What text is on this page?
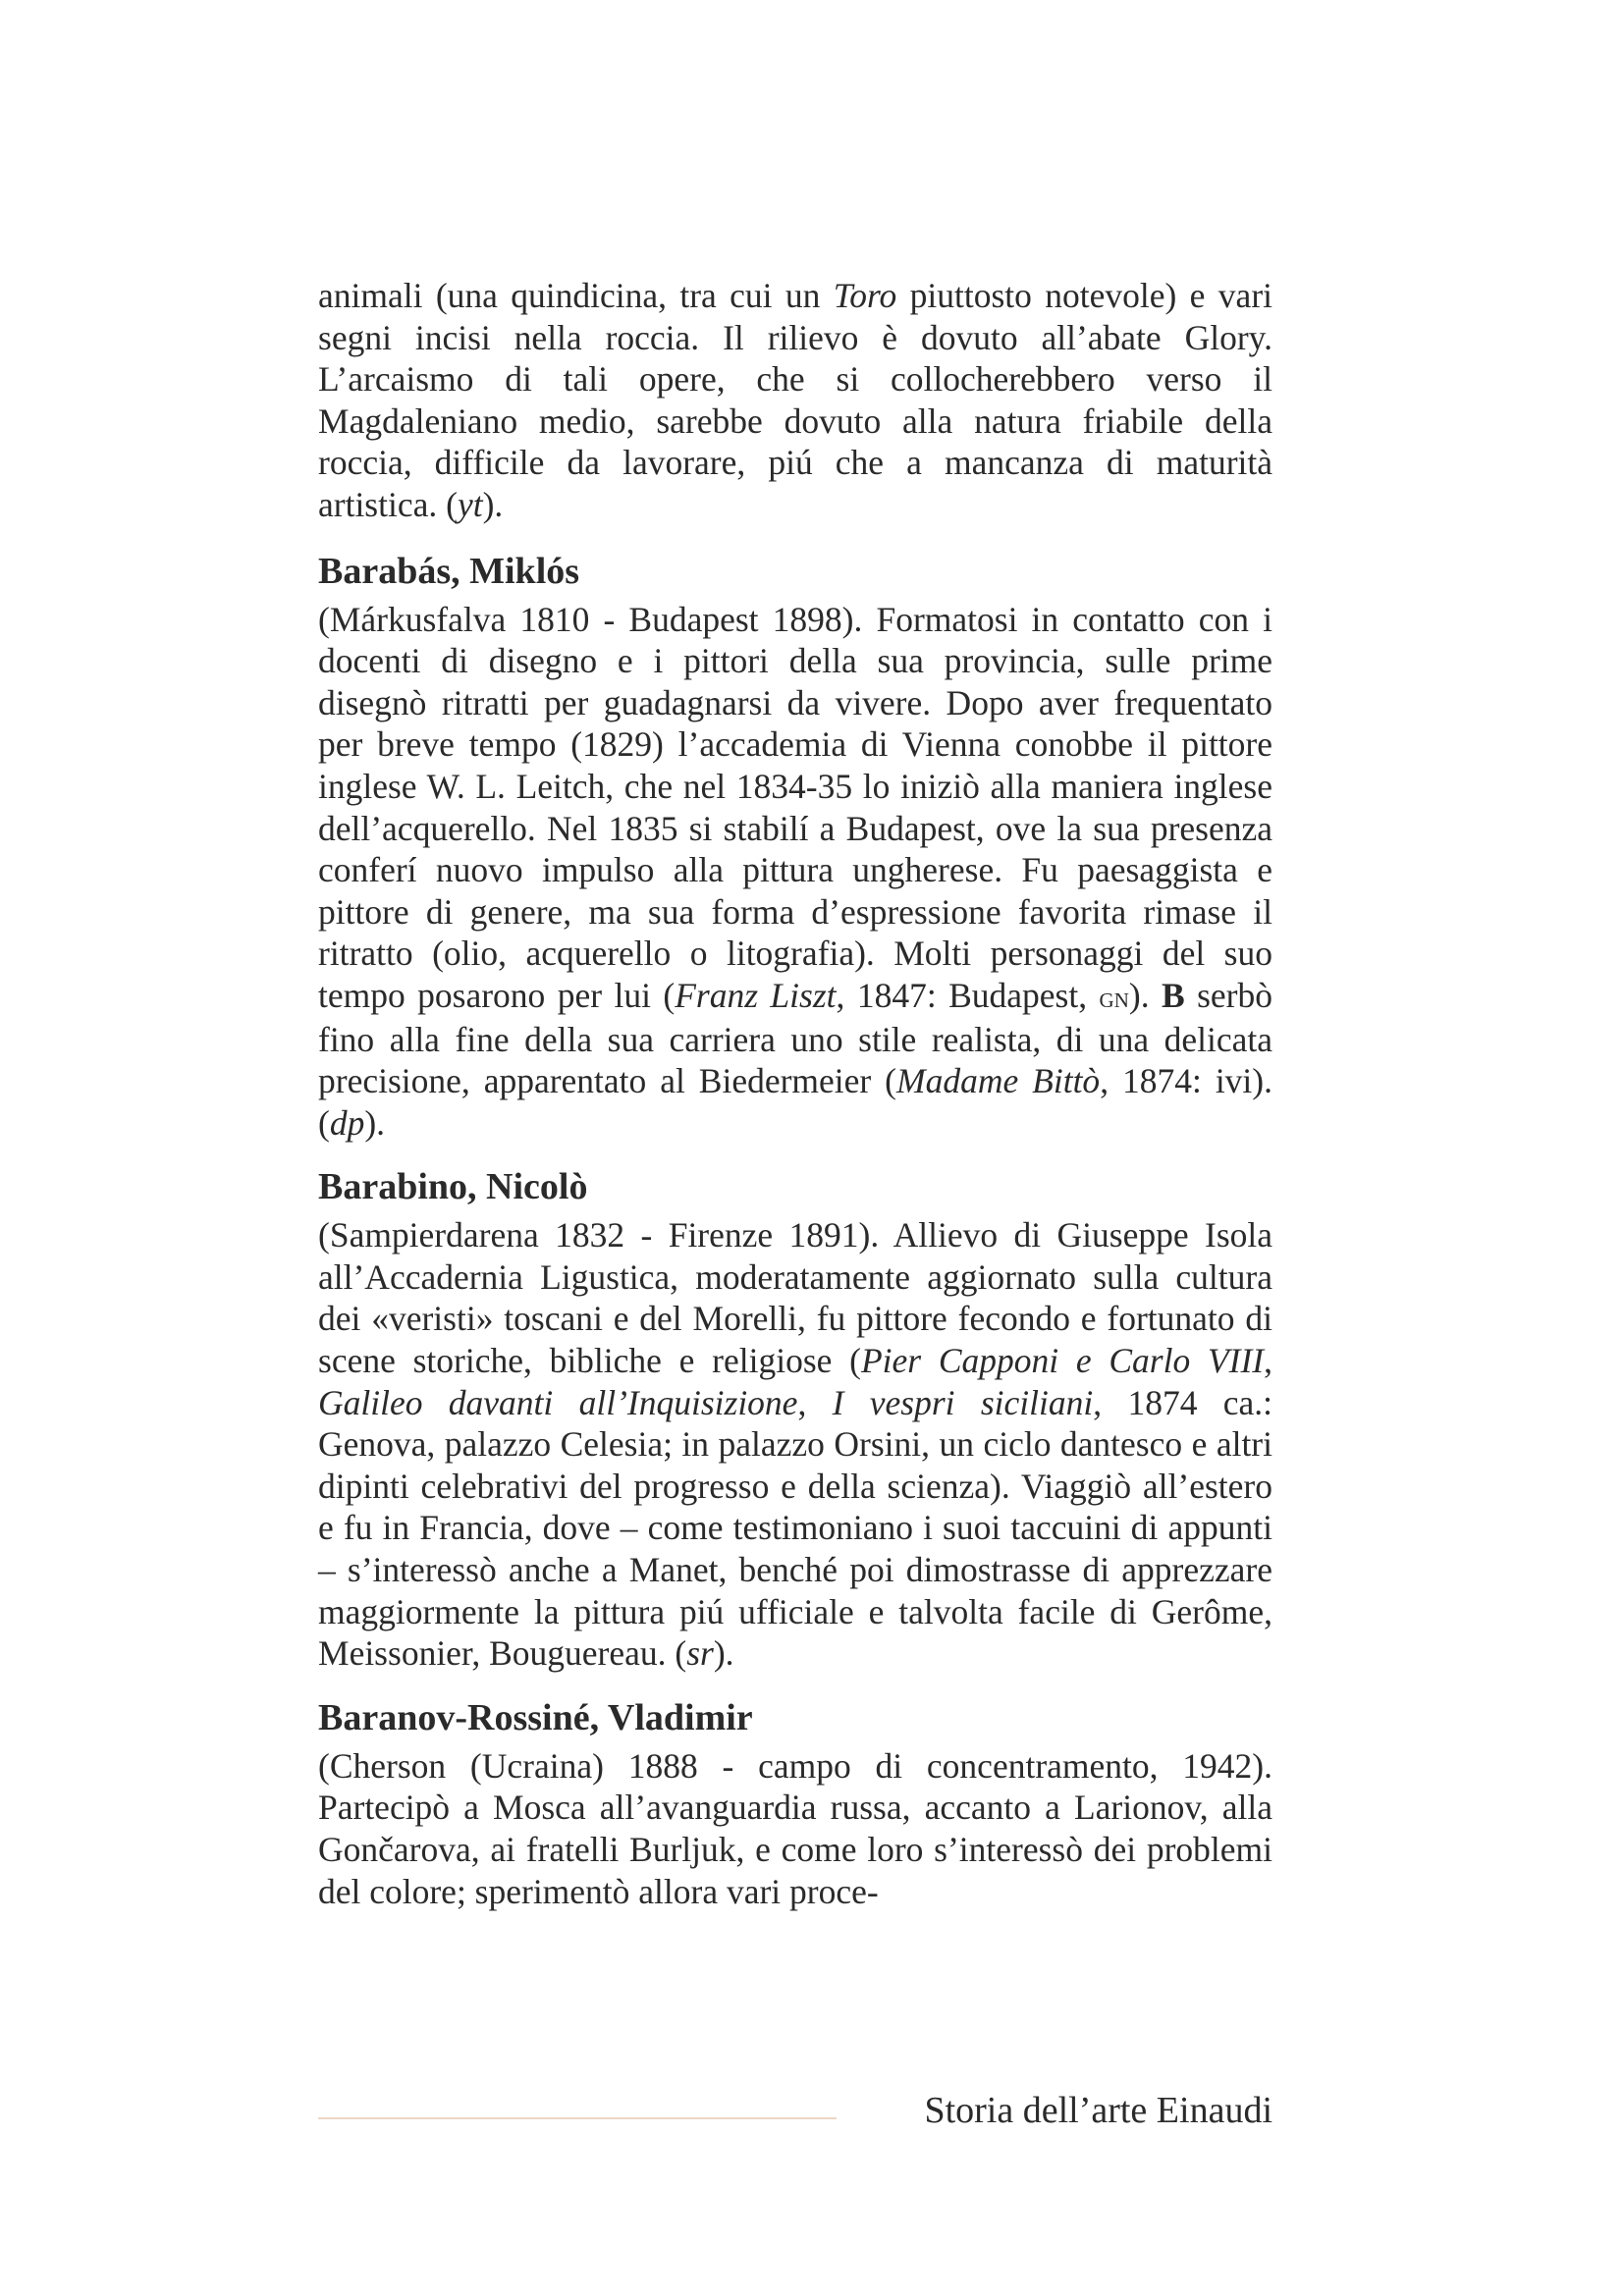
animali (una quindicina, tra cui un Toro piuttosto notevole) e vari segni incisi nella roccia. Il rilievo è dovuto all’abate Glory. L’arcaismo di tali opere, che si collocherebbero verso il Magdaleniano medio, sarebbe dovuto alla natura friabile della roccia, difficile da lavorare, piú che a mancanza di maturità artistica. (yt).

Barabás, Miklós

(Márkusfalva 1810 - Budapest 1898). Formatosi in contatto con i docenti di disegno e i pittori della sua provincia, sulle prime disegnò ritratti per guadagnarsi da vivere. Dopo aver frequentato per breve tempo (1829) l’accademia di Vienna conobbe il pittore inglese W. L. Leitch, che nel 1834-35 lo iniziò alla maniera inglese dell’acquerello. Nel 1835 si stabilí a Budapest, ove la sua presenza conferí nuovo impulso alla pittura ungherese. Fu paesaggista e pittore di genere, ma sua forma d’espressione favorita rimase il ritratto (olio, acquerello o litografia). Molti personaggi del suo tempo posarono per lui (Franz Liszt, 1847: Budapest, gn). B serbò fino alla fine della sua carriera uno stile realista, di una delicata precisione, apparentato al Biedermeier (Madame Bittò, 1874: ivi). (dp).

Barabino, Nicolò

(Sampierdarena 1832 - Firenze 1891). Allievo di Giuseppe Isola all’Accadernia Ligustica, moderatamente aggiornato sulla cultura dei «veristi» toscani e del Morelli, fu pittore fecondo e fortunato di scene storiche, bibliche e religiose (Pier Capponi e Carlo VIII, Galileo davanti all’Inquisizione, I vespri siciliani, 1874 ca.: Genova, palazzo Celesia; in palazzo Orsini, un ciclo dantesco e altri dipinti celebrativi del progresso e della scienza). Viaggiò all’estero e fu in Francia, dove – come testimoniano i suoi taccuini di appunti – s’interessò anche a Manet, benché poi dimostrasse di apprezzare maggiormente la pittura piú ufficiale e talvolta facile di Gerôme, Meissonier, Bouguereau. (sr).

Baranov-Rossiné, Vladimir

(Cherson (Ucraina) 1888 - campo di concentramento, 1942). Partecipò a Mosca all’avanguardia russa, accanto a Larionov, alla Gončarova, ai fratelli Burljuk, e come loro s’interessò dei problemi del colore; sperimentò allora vari proce-

Storia dell’arte Einaudi
